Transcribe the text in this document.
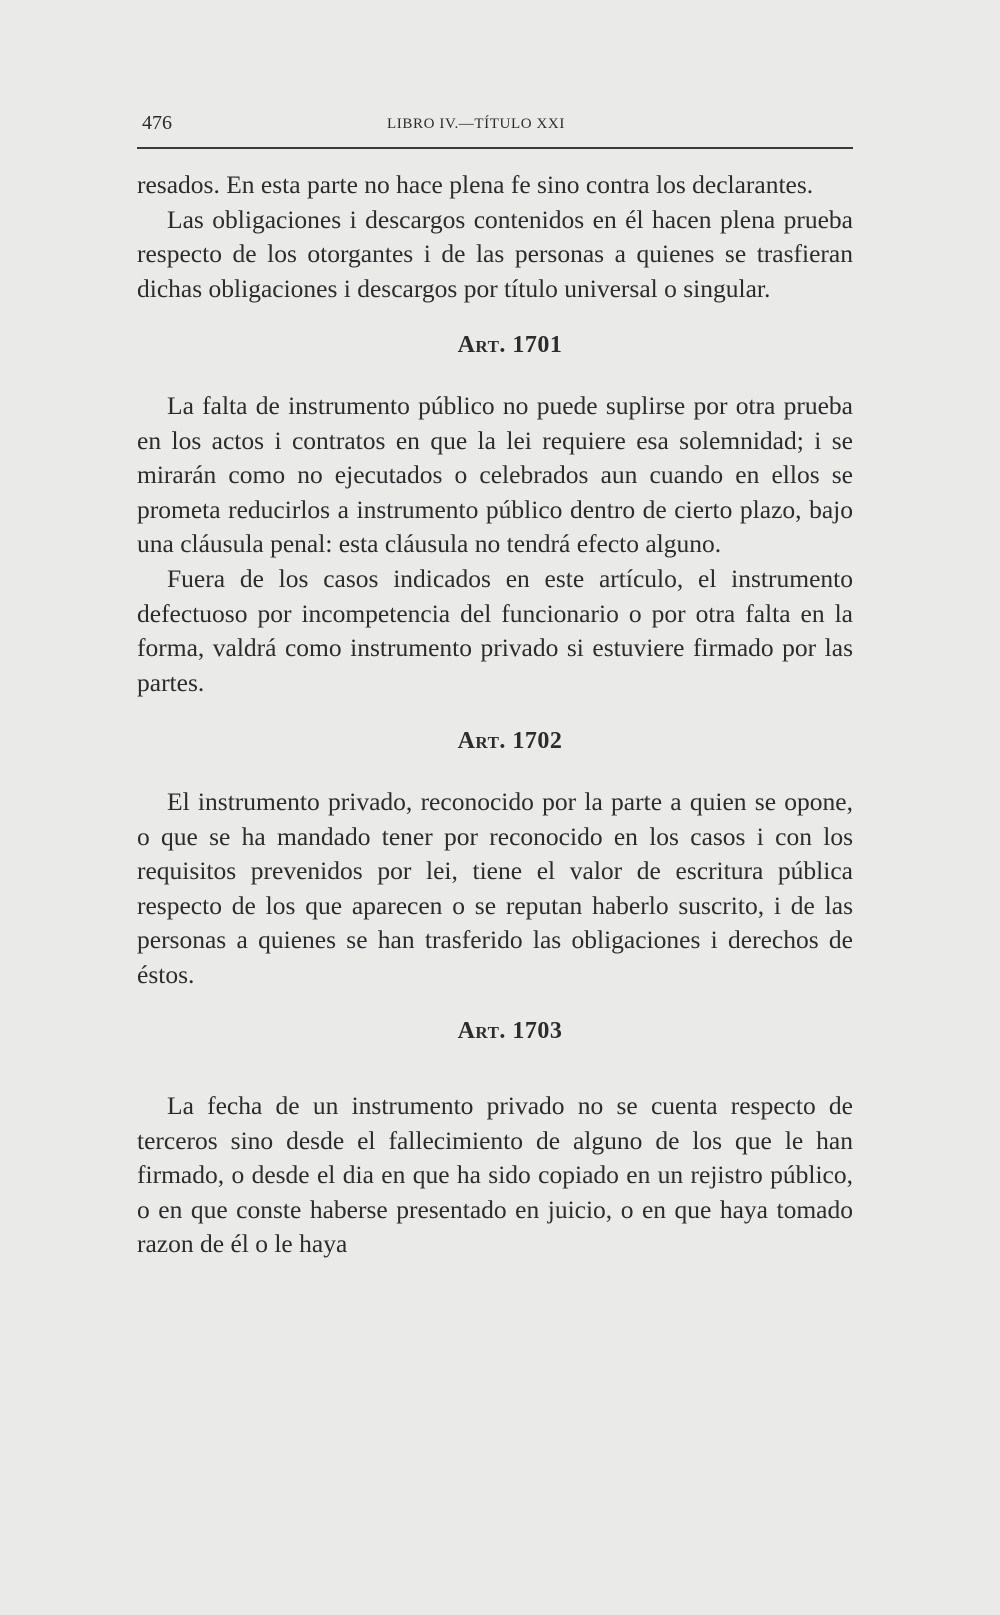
476	LIBRO IV.—TÍTULO XXI

resados. En esta parte no hace plena fe sino contra los declarantes.

Las obligaciones i descargos contenidos en él hacen plena prueba respecto de los otorgantes i de las personas a quienes se trasfieran dichas obligaciones i descargos por título universal o singular.

Art. 1701

La falta de instrumento público no puede suplirse por otra prueba en los actos i contratos en que la lei requiere esa solemnidad; i se mirarán como no ejecutados o celebrados aun cuando en ellos se prometa reducirlos a instrumento público dentro de cierto plazo, bajo una cláusula penal: esta cláusula no tendrá efecto alguno.

Fuera de los casos indicados en este artículo, el instrumento defectuoso por incompetencia del funcionario o por otra falta en la forma, valdrá como instrumento privado si estuviere firmado por las partes.

Art. 1702

El instrumento privado, reconocido por la parte a quien se opone, o que se ha mandado tener por reconocido en los casos i con los requisitos prevenidos por lei, tiene el valor de escritura pública respecto de los que aparecen o se reputan haberlo suscrito, i de las personas a quienes se han trasferido las obligaciones i derechos de éstos.

Art. 1703

La fecha de un instrumento privado no se cuenta respecto de terceros sino desde el fallecimiento de alguno de los que le han firmado, o desde el dia en que ha sido copiado en un rejistro público, o en que conste haberse presentado en juicio, o en que haya tomado razon de él o le haya
